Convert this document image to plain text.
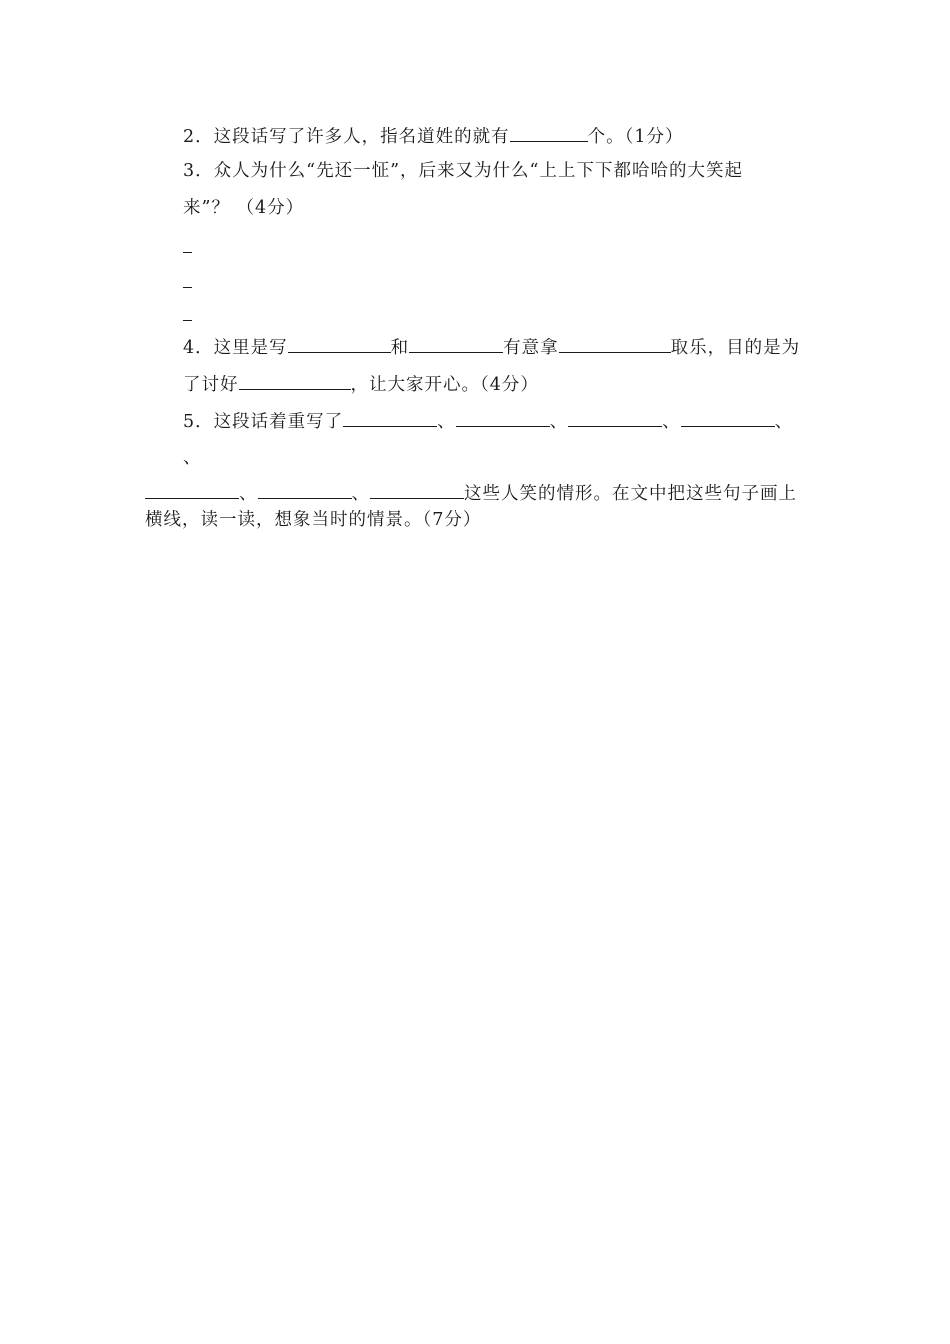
2．这段话写了许多人，指名道姓的就有	个。（1分）
3．众人为什么“先还一怔”，后来又为什么“上上下下都哈哈的大笑起
来”？ （4分）
4．这里是写	和	有意拿	取乐，目的是为
了讨好	，让大家开心。（4分）
5．这段话着重写了	、	、	、	、
、
、	、	这些人笑的情形。在文中把这些句子画上
横线，读一读，想象当时的情景。（7分）
